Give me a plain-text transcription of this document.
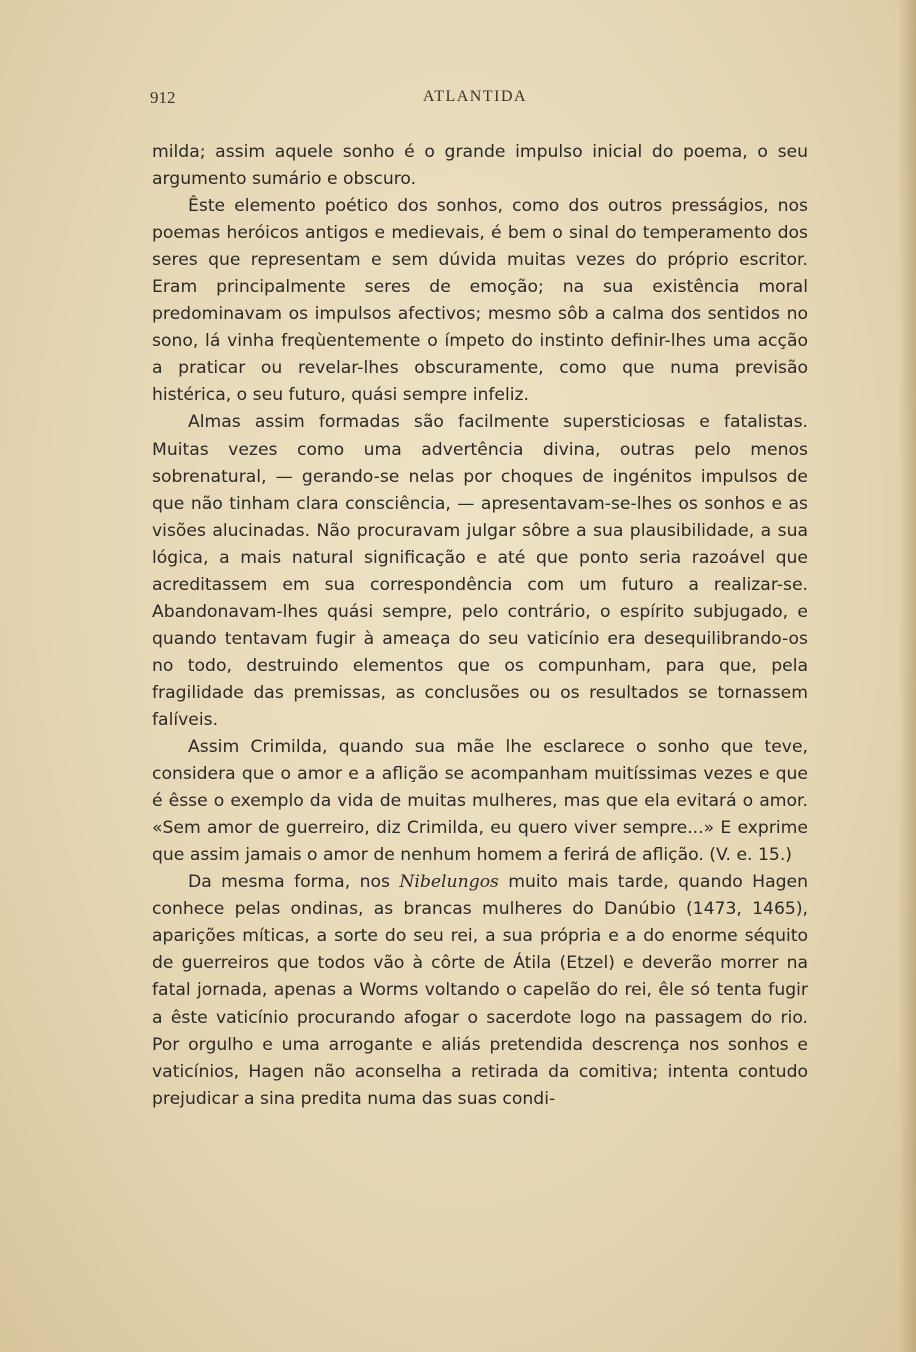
912	ATLANTIDA

milda; assim aquele sonho é o grande impulso inicial do poema, o seu argumento sumário e obscuro.

Êste elemento poético dos sonhos, como dos outros presságios, nos poemas heróicos antigos e medievais, é bem o sinal do temperamento dos seres que representam e sem dúvida muitas vezes do próprio escritor. Eram principalmente seres de emoção; na sua existência moral predominavam os impulsos afectivos; mesmo sôb a calma dos sentidos no sono, lá vinha freqùentemente o ímpeto do instinto definir-lhes uma acção a praticar ou revelar-lhes obscuramente, como que numa previsão histérica, o seu futuro, quási sempre infeliz.

Almas assim formadas são facilmente supersticiosas e fatalistas. Muitas vezes como uma advertência divina, outras pelo menos sobrenatural, — gerando-se nelas por choques de ingénitos impulsos de que não tinham clara consciência, — apresentavam-se-lhes os sonhos e as visões alucinadas. Não procuravam julgar sôbre a sua plausibilidade, a sua lógica, a mais natural significação e até que ponto seria razoável que acreditassem em sua correspondência com um futuro a realizar-se. Abandonavam-lhes quási sempre, pelo contrário, o espírito subjugado, e quando tentavam fugir à ameaça do seu vaticínio era desequilibrando-os no todo, destruindo elementos que os compunham, para que, pela fragilidade das premissas, as conclusões ou os resultados se tornassem falíveis.

Assim Crimilda, quando sua mãe lhe esclarece o sonho que teve, considera que o amor e a aflição se acompanham muitíssimas vezes e que é êsse o exemplo da vida de muitas mulheres, mas que ela evitará o amor. «Sem amor de guerreiro, diz Crimilda, eu quero viver sempre...» E exprime que assim jamais o amor de nenhum homem a ferirá de aflição. (V. e. 15.)

Da mesma forma, nos Nibelungos muito mais tarde, quando Hagen conhece pelas ondinas, as brancas mulheres do Danúbio (1473, 1465), aparições míticas, a sorte do seu rei, a sua própria e a do enorme séquito de guerreiros que todos vão à côrte de Átila (Etzel) e deverão morrer na fatal jornada, apenas a Worms voltando o capelão do rei, êle só tenta fugir a êste vaticínio procurando afogar o sacerdote logo na passagem do rio. Por orgulho e uma arrogante e aliás pretendida descrença nos sonhos e vaticínios, Hagen não aconselha a retirada da comitiva; intenta contudo prejudicar a sina predita numa das suas condi-
